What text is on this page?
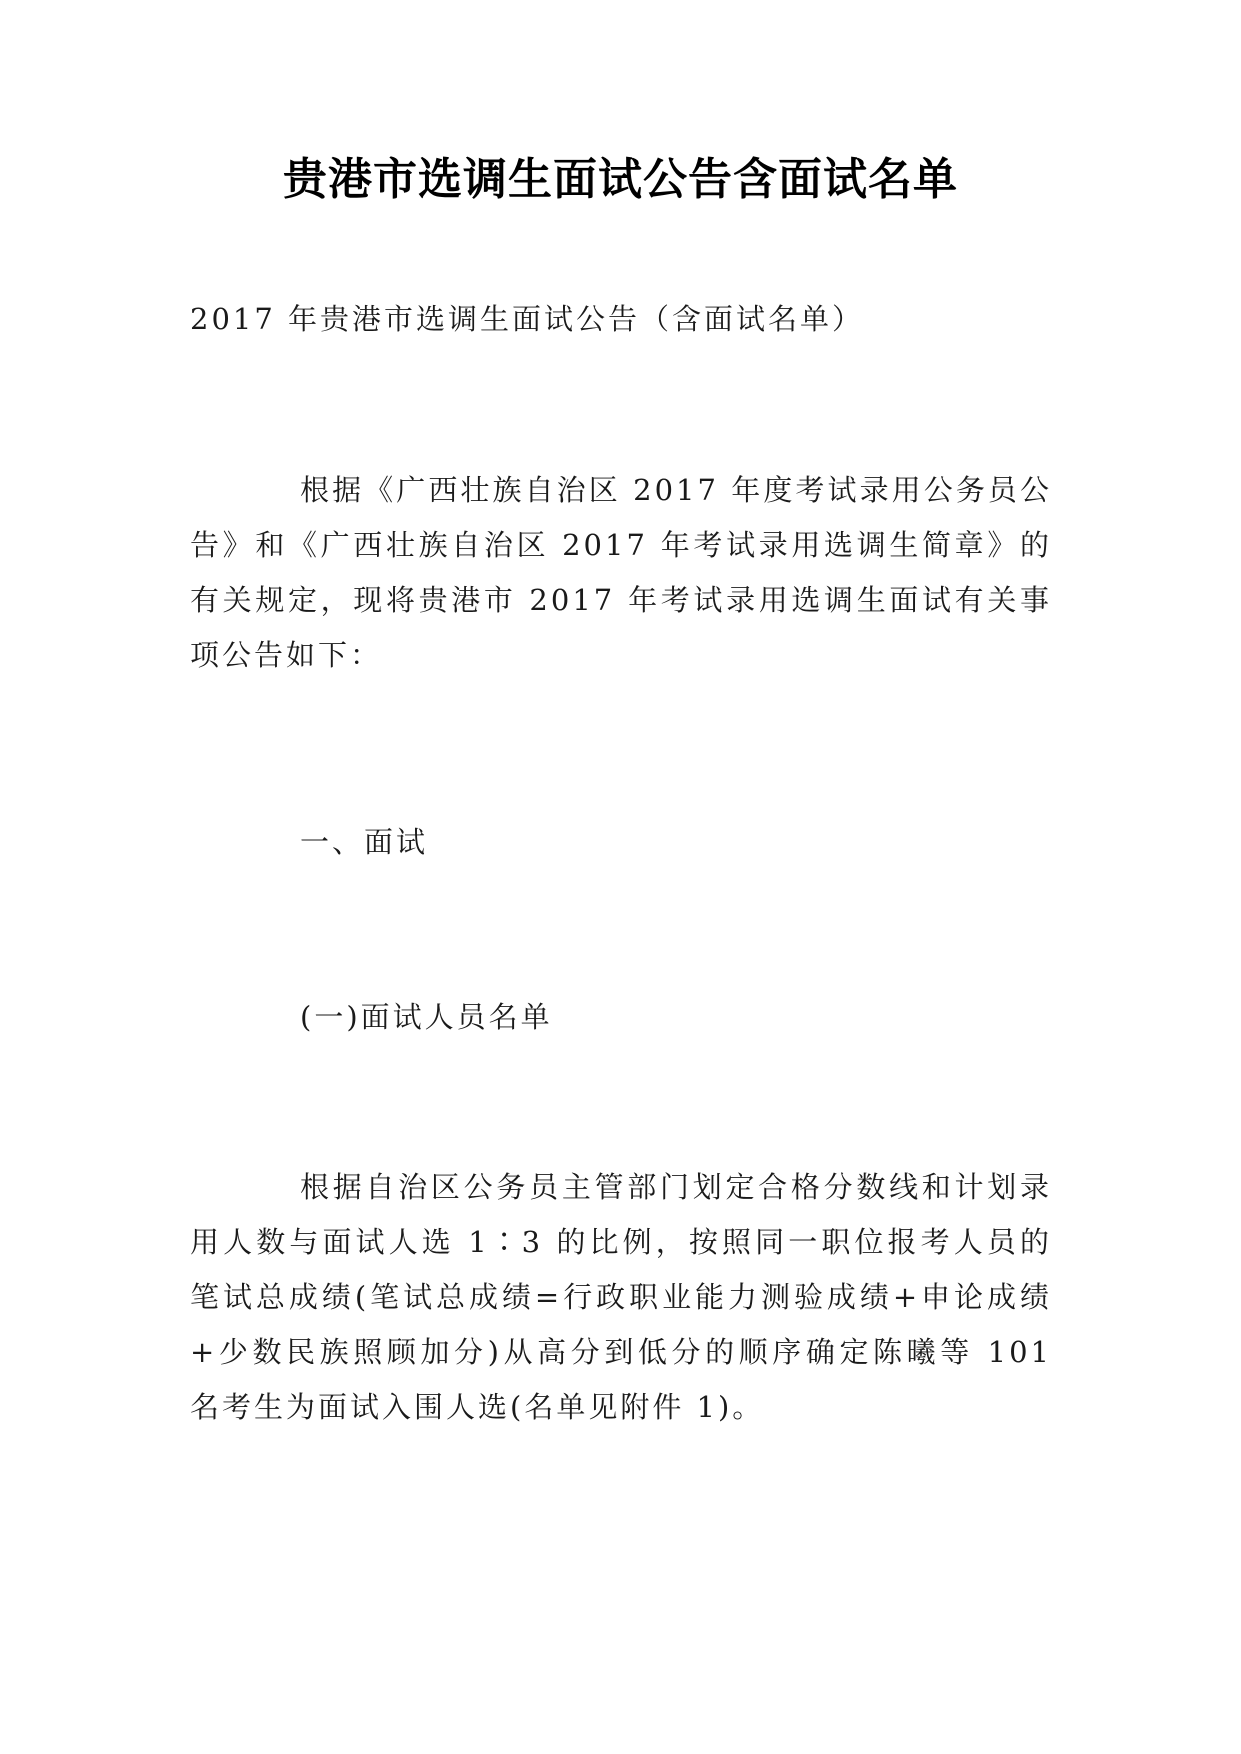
贵港市选调生面试公告含面试名单
2017 年贵港市选调生面试公告（含面试名单）
根据《广西壮族自治区 2017 年度考试录用公务员公告》和《广西壮族自治区 2017 年考试录用选调生简章》的有关规定，现将贵港市 2017 年考试录用选调生面试有关事项公告如下：
一、面试
(一)面试人员名单
根据自治区公务员主管部门划定合格分数线和计划录用人数与面试人选 1∶3 的比例，按照同一职位报考人员的笔试总成绩(笔试总成绩=行政职业能力测验成绩+申论成绩+少数民族照顾加分)从高分到低分的顺序确定陈曦等 101 名考生为面试入围人选(名单见附件 1)。
